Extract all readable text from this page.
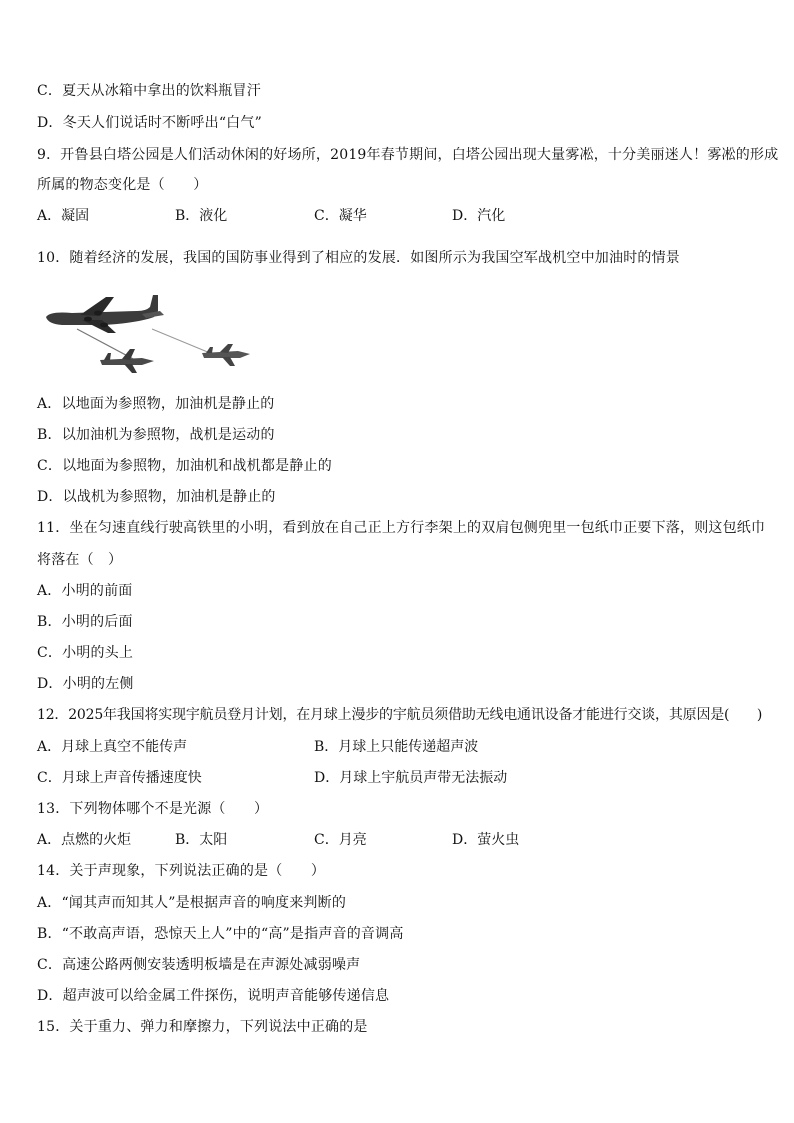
C．夏天从冰箱中拿出的饮料瓶冒汗
D．冬天人们说话时不断呼出“白气”
9．开鲁县白塔公园是人们活动休闲的好场所，2019年春节期间，白塔公园出现大量雾凇，十分美丽迷人！雾凇的形成
所属的物态变化是（　　）
A．凝固	B．液化	C．凝华	D．汽化
10．随着经济的发展，我国的国防事业得到了相应的发展．如图所示为我国空军战机空中加油时的情景
A．以地面为参照物，加油机是静止的
B．以加油机为参照物，战机是运动的
C．以地面为参照物，加油机和战机都是静止的
D．以战机为参照物，加油机是静止的
11．坐在匀速直线行驶高铁里的小明，看到放在自己正上方行李架上的双肩包侧兜里一包纸巾正要下落，则这包纸巾
将落在（　）
A．小明的前面
B．小明的后面
C．小明的头上
D．小明的左侧
12．2025年我国将实现宇航员登月计划，在月球上漫步的宇航员须借助无线电通讯设备才能进行交谈，其原因是(　　)
A．月球上真空不能传声	B．月球上只能传递超声波
C．月球上声音传播速度快	D．月球上宇航员声带无法振动
13．下列物体哪个不是光源（　　）
A．点燃的火炬	B．太阳	C．月亮	D．萤火虫
14．关于声现象，下列说法正确的是（　　）
A．“闻其声而知其人”是根据声音的响度来判断的
B．“不敢高声语，恐惊天上人”中的“高”是指声音的音调高
C．高速公路两侧安装透明板墙是在声源处减弱噪声
D．超声波可以给金属工件探伤，说明声音能够传递信息
15．关于重力、弹力和摩擦力，下列说法中正确的是
